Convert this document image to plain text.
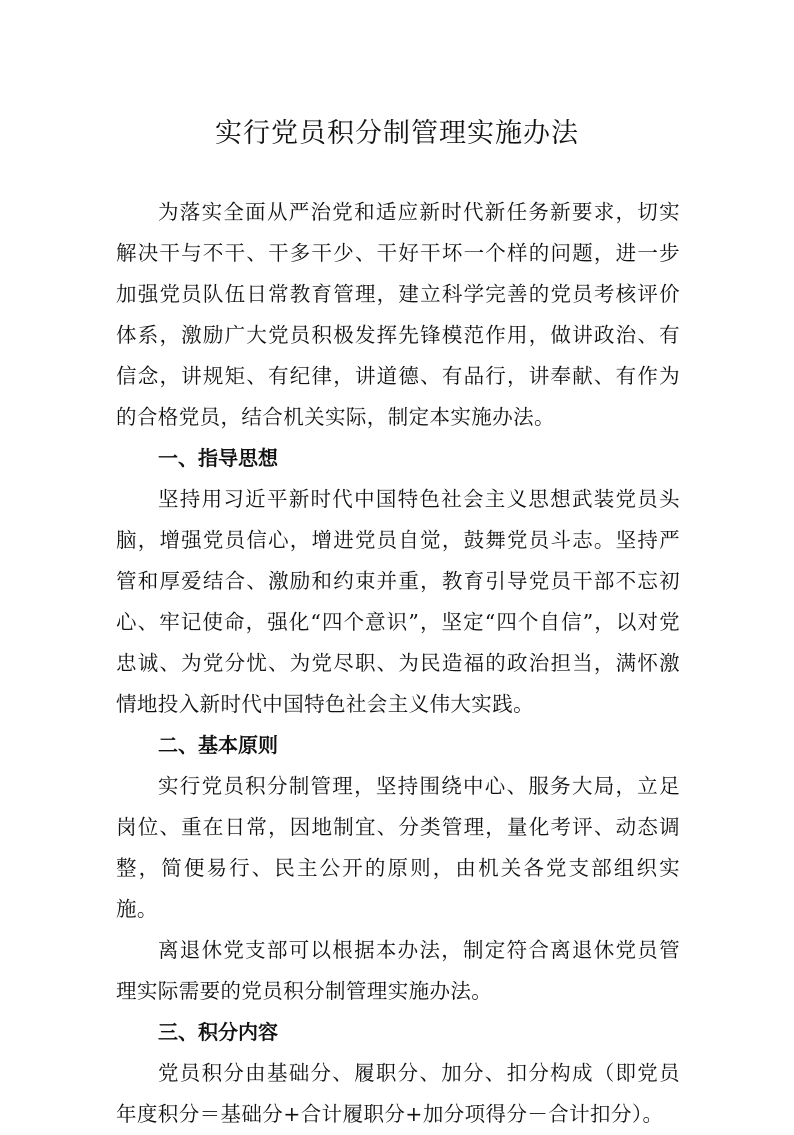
实行党员积分制管理实施办法

为落实全面从严治党和适应新时代新任务新要求，切实解决干与不干、干多干少、干好干坏一个样的问题，进一步加强党员队伍日常教育管理，建立科学完善的党员考核评价体系，激励广大党员积极发挥先锋模范作用，做讲政治、有信念，讲规矩、有纪律，讲道德、有品行，讲奉献、有作为的合格党员，结合机关实际，制定本实施办法。

一、指导思想

坚持用习近平新时代中国特色社会主义思想武装党员头脑，增强党员信心，增进党员自觉，鼓舞党员斗志。坚持严管和厚爱结合、激励和约束并重，教育引导党员干部不忘初心、牢记使命，强化“四个意识”，坚定“四个自信”，以对党忠诚、为党分忧、为党尽职、为民造福的政治担当，满怀激情地投入新时代中国特色社会主义伟大实践。

二、基本原则

实行党员积分制管理，坚持围绕中心、服务大局，立足岗位、重在日常，因地制宜、分类管理，量化考评、动态调整，简便易行、民主公开的原则，由机关各党支部组织实施。

离退休党支部可以根据本办法，制定符合离退休党员管理实际需要的党员积分制管理实施办法。

三、积分内容

党员积分由基础分、履职分、加分、扣分构成（即党员年度积分＝基础分+合计履职分+加分项得分－合计扣分）。
